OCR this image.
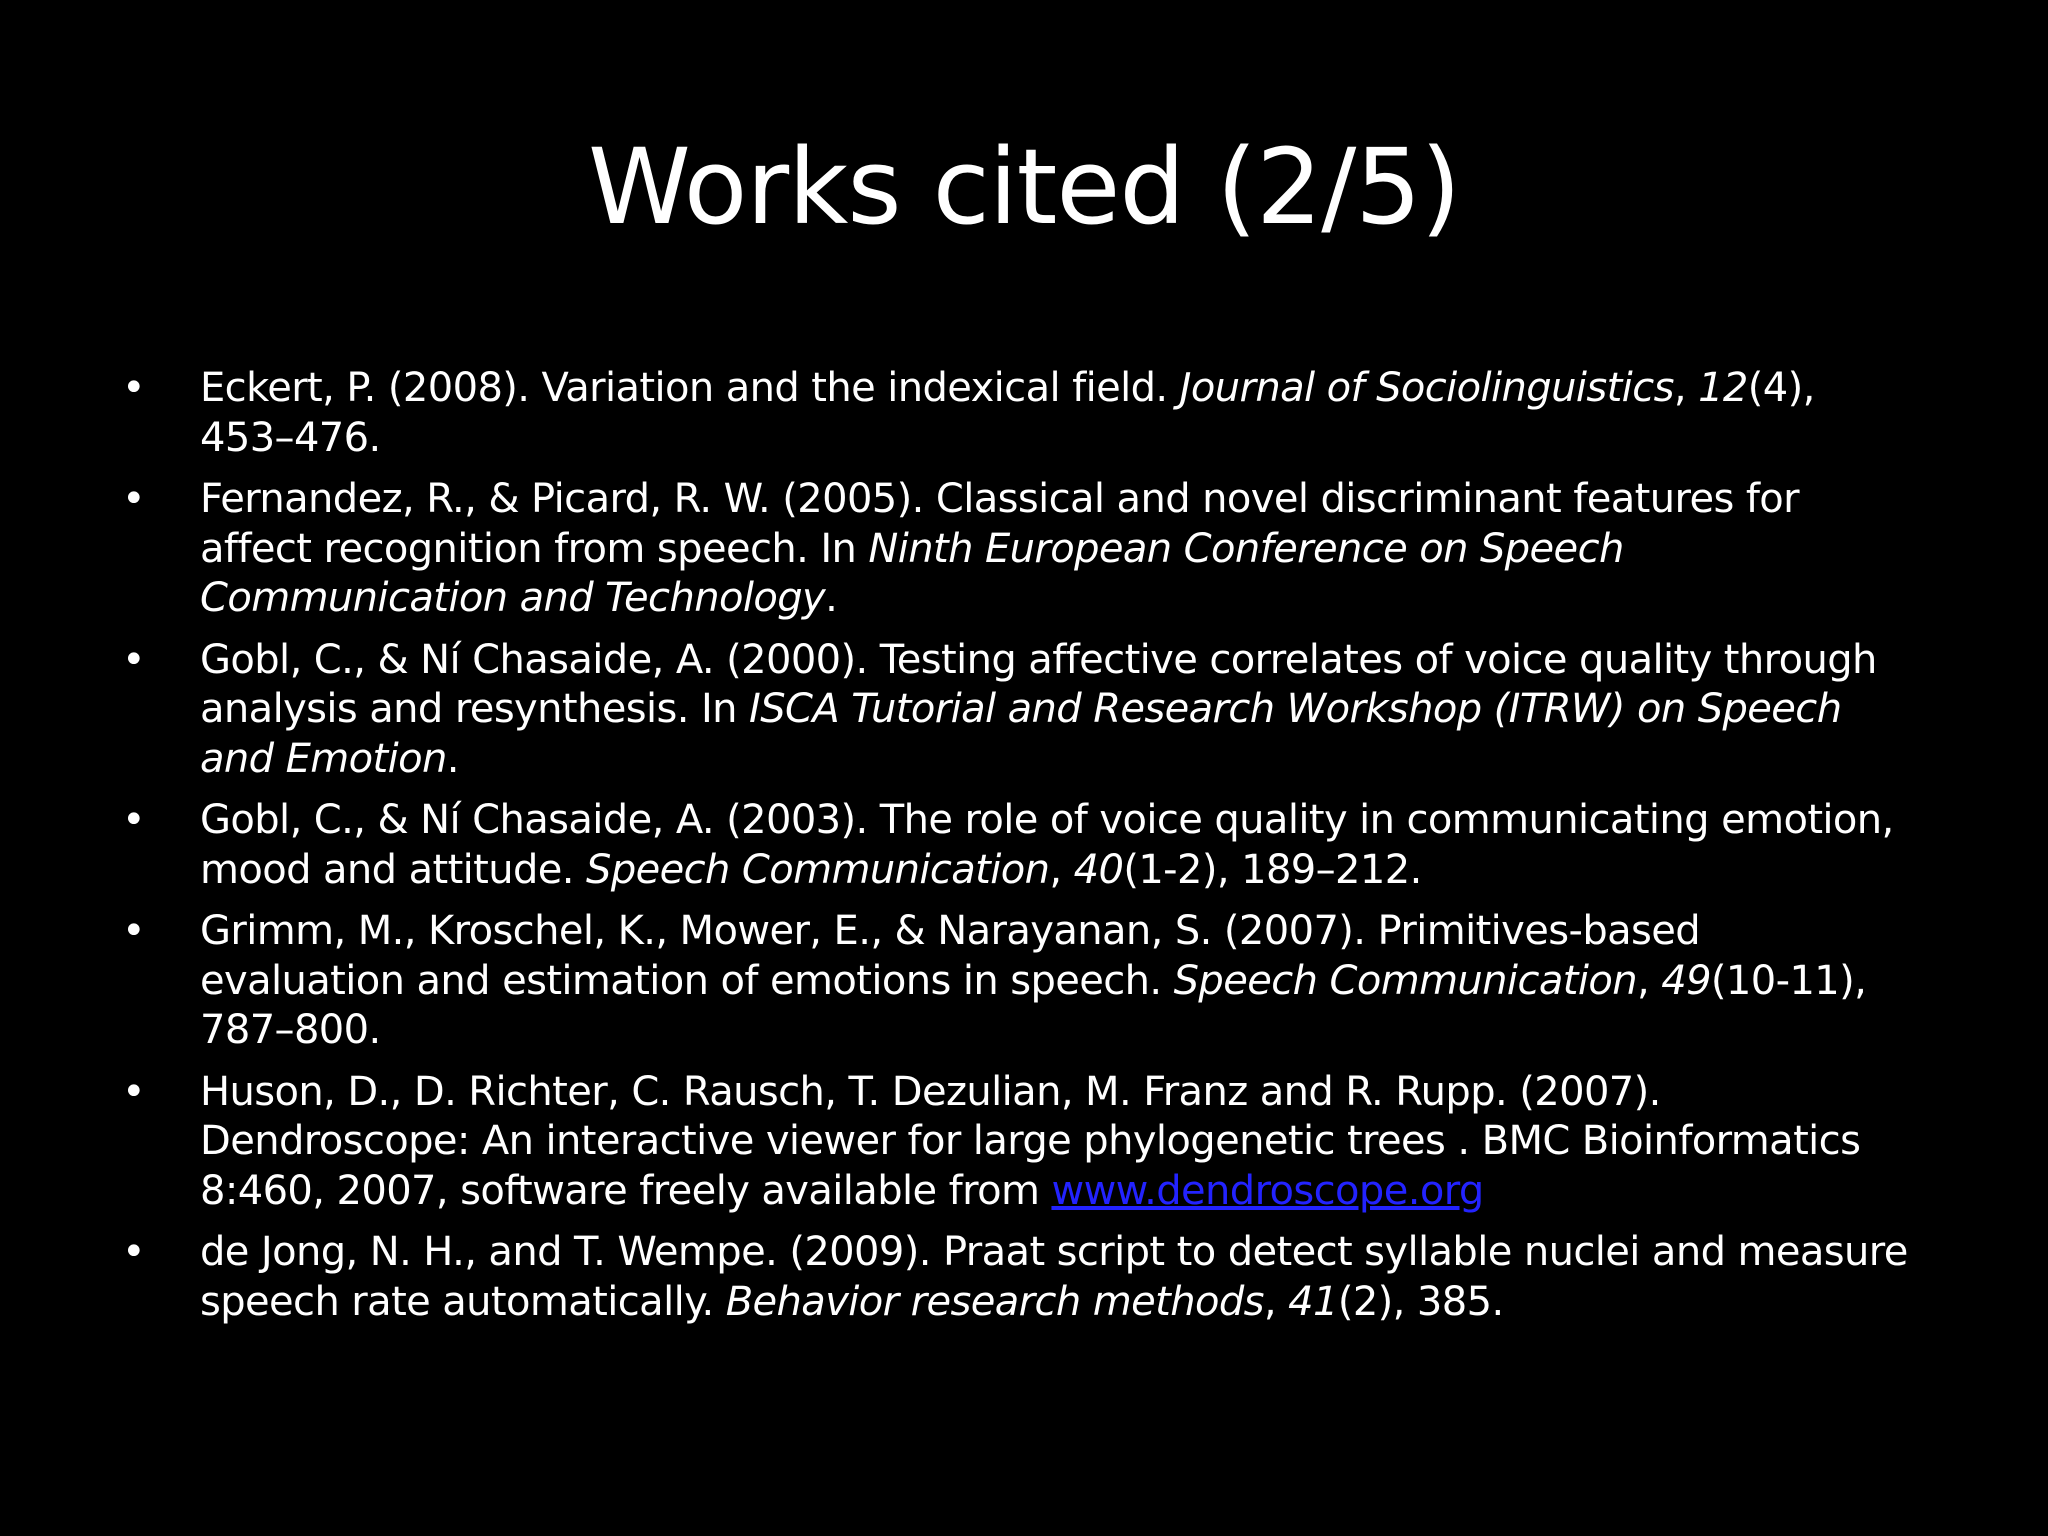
Works cited (2/5)
• Eckert, P. (2008). Variation and the indexical field. Journal of Sociolinguistics, 12(4), 453–476.
• Fernandez, R., & Picard, R. W. (2005). Classical and novel discriminant features for affect recognition from speech. In Ninth European Conference on Speech Communication and Technology.
• Gobl, C., & Ní Chasaide, A. (2000). Testing affective correlates of voice quality through analysis and resynthesis. In ISCA Tutorial and Research Workshop (ITRW) on Speech and Emotion.
• Gobl, C., & Ní Chasaide, A. (2003). The role of voice quality in communicating emotion, mood and attitude. Speech Communication, 40(1-2), 189–212.
• Grimm, M., Kroschel, K., Mower, E., & Narayanan, S. (2007). Primitives-based evaluation and estimation of emotions in speech. Speech Communication, 49(10-11), 787–800.
• Huson, D., D. Richter, C. Rausch, T. Dezulian, M. Franz and R. Rupp. (2007). Dendroscope: An interactive viewer for large phylogenetic trees . BMC Bioinformatics 8:460, 2007, software freely available from www.dendroscope.org
• de Jong, N. H., and T. Wempe. (2009). Praat script to detect syllable nuclei and measure speech rate automatically. Behavior research methods, 41(2), 385.
